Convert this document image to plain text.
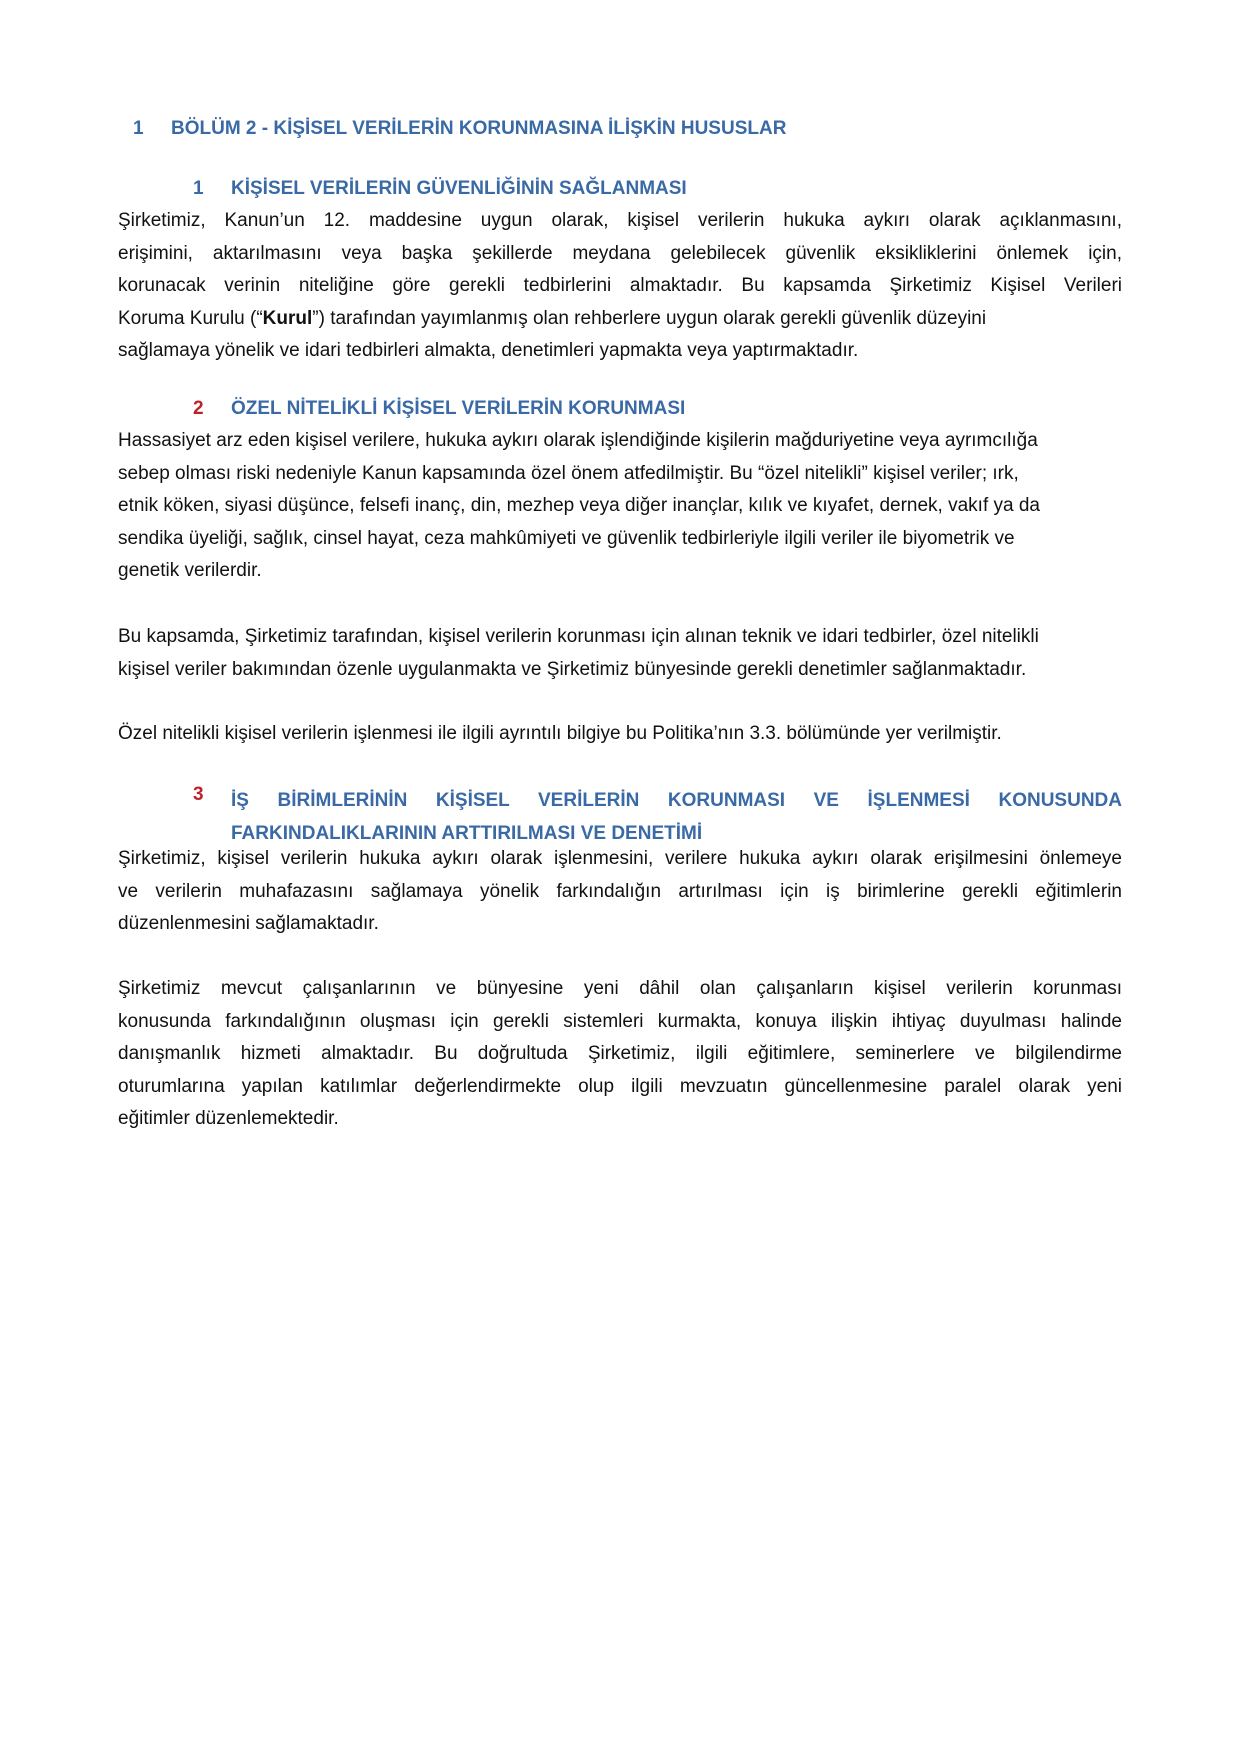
1 BÖLÜM 2 - KİŞİSEL VERİLERİN KORUNMASINA İLİŞKİN HUSUSLAR
1 KİŞİSEL VERİLERİN GÜVENLİĞİNİN SAĞLANMASI
Şirketimiz, Kanun’un 12. maddesine uygun olarak, kişisel verilerin hukuka aykırı olarak açıklanmasını,
erişimini, aktarılmasını veya başka şekillerde meydana gelebilecek güvenlik eksikliklerini önlemek için,
korunacak verinin niteliğine göre gerekli tedbirlerini almaktadır. Bu kapsamda Şirketimiz Kişisel Verileri
Koruma Kurulu (“Kurul”) tarafından yayımlanmış olan rehberlere uygun olarak gerekli güvenlik düzeyini
sağlamaya yönelik ve idari tedbirleri almakta, denetimleri yapmakta veya yaptırmaktadır.
2 ÖZEL NİTELİKLİ KİŞİSEL VERİLERİN KORUNMASI
Hassasiyet arz eden kişisel verilere, hukuka aykırı olarak işlendiğinde kişilerin mağduriyetine veya ayrımcılığa
sebep olması riski nedeniyle Kanun kapsamında özel önem atfedilmiştir. Bu “özel nitelikli” kişisel veriler; ırk,
etnik köken, siyasi düşünce, felsefi inanç, din, mezhep veya diğer inançlar, kılık ve kıyafet, dernek, vakıf ya da
sendika üyeliği, sağlık, cinsel hayat, ceza mahkûmiyeti ve güvenlik tedbirleriyle ilgili veriler ile biyometrik ve
genetik verilerdir.
Bu kapsamda, Şirketimiz tarafından, kişisel verilerin korunması için alınan teknik ve idari tedbirler, özel nitelikli
kişisel veriler bakımından özenle uygulanmakta ve Şirketimiz bünyesinde gerekli denetimler sağlanmaktadır.
Özel nitelikli kişisel verilerin işlenmesi ile ilgili ayrıntılı bilgiye bu Politika’nın 3.3. bölümünde yer verilmiştir.
3	İŞ BİRİMLERİNİN KİŞİSEL VERİLERİN KORUNMASI VE İŞLENMESİ KONUSUNDA
FARKINDALIKLARININ ARTTIRILMASI VE DENETİMİ
Şirketimiz, kişisel verilerin hukuka aykırı olarak işlenmesini, verilere hukuka aykırı olarak erişilmesini önlemeye
ve verilerin muhafazasını sağlamaya yönelik farkındalığın artırılması için iş birimlerine gerekli eğitimlerin
düzenlenmesini sağlamaktadır.
Şirketimiz mevcut çalışanlarının ve bünyesine yeni dâhil olan çalışanların kişisel verilerin korunması
konusunda farkındalığının oluşması için gerekli sistemleri kurmakta, konuya ilişkin ihtiyaç duyulması halinde
danışmanlık hizmeti almaktadır. Bu doğrultuda Şirketimiz, ilgili eğitimlere, seminerlere ve bilgilendirme
oturumlarına yapılan katılımlar değerlendirmekte olup ilgili mevzuatın güncellenmesine paralel olarak yeni
eğitimler düzenlemektedir.
